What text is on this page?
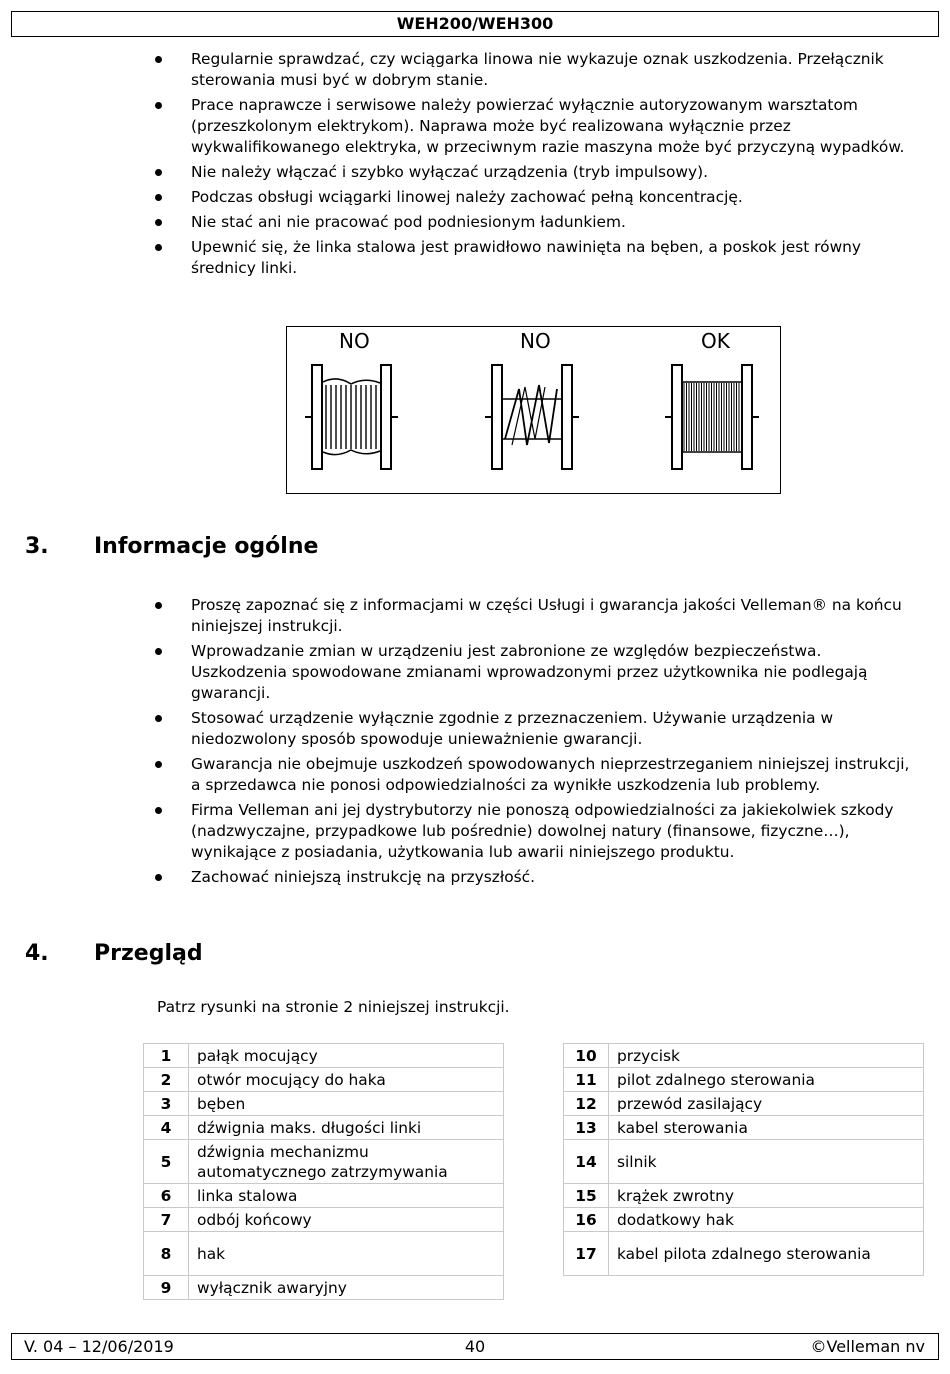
WEH200/WEH300
Regularnie sprawdzać, czy wciągarka linowa nie wykazuje oznak uszkodzenia. Przełącznik sterowania musi być w dobrym stanie.
Prace naprawcze i serwisowe należy powierzać wyłącznie autoryzowanym warsztatom (przeszkolonym elektrykom). Naprawa może być realizowana wyłącznie przez wykwalifikowanego elektryka, w przeciwnym razie maszyna może być przyczyną wypadków.
Nie należy włączać i szybko wyłączać urządzenia (tryb impulsowy).
Podczas obsługi wciągarki linowej należy zachować pełną koncentrację.
Nie stać ani nie pracować pod podniesionym ładunkiem.
Upewnić się, że linka stalowa jest prawidłowo nawinięta na bęben, a poskok jest równy średnicy linki.
NO	NO	OK
3. Informacje ogólne
Proszę zapoznać się z informacjami w części Usługi i gwarancja jakości Velleman® na końcu niniejszej instrukcji.
Wprowadzanie zmian w urządzeniu jest zabronione ze względów bezpieczeństwa. Uszkodzenia spowodowane zmianami wprowadzonymi przez użytkownika nie podlegają gwarancji.
Stosować urządzenie wyłącznie zgodnie z przeznaczeniem. Używanie urządzenia w niedozwolony sposób spowoduje unieważnienie gwarancji.
Gwarancja nie obejmuje uszkodzeń spowodowanych nieprzestrzeganiem niniejszej instrukcji, a sprzedawca nie ponosi odpowiedzialności za wynikłe uszkodzenia lub problemy.
Firma Velleman ani jej dystrybutorzy nie ponoszą odpowiedzialności za jakiekolwiek szkody (nadzwyczajne, przypadkowe lub pośrednie) dowolnej natury (finansowe, fizyczne…), wynikające z posiadania, użytkowania lub awarii niniejszego produktu.
Zachować niniejszą instrukcję na przyszłość.
4. Przegląd
Patrz rysunki na stronie 2 niniejszej instrukcji.
1	pałąk mocujący
2	otwór mocujący do haka
3	bęben
4	dźwignia maks. długości linki
5	dźwignia mechanizmu automatycznego zatrzymywania
6	linka stalowa
7	odbój końcowy
8	hak
9	wyłącznik awaryjny
10	przycisk
11	pilot zdalnego sterowania
12	przewód zasilający
13	kabel sterowania
14	silnik
15	krążek zwrotny
16	dodatkowy hak
17	kabel pilota zdalnego sterowania
V. 04 – 12/06/2019	40	©Velleman nv
